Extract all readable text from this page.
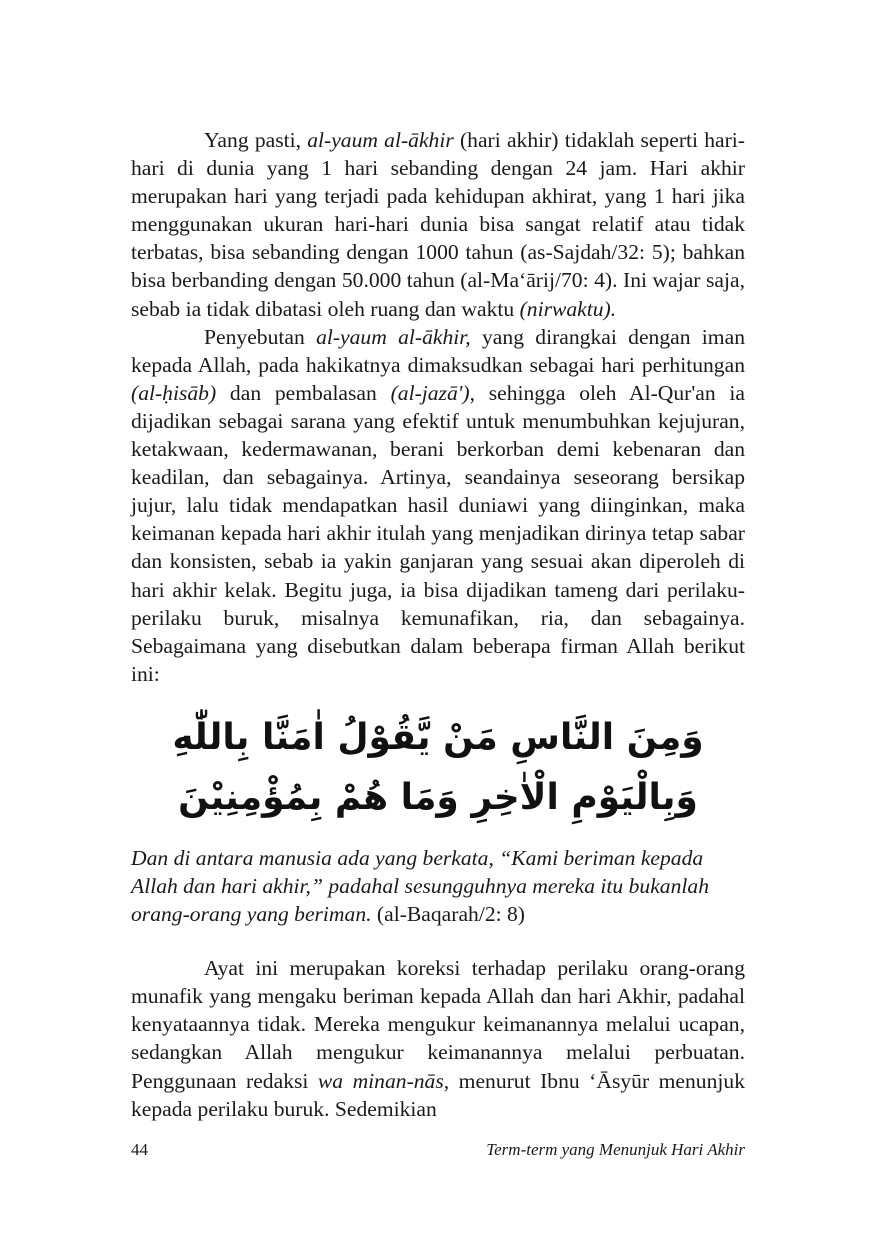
Yang pasti, al-yaum al-ākhir (hari akhir) tidaklah seperti hari-hari di dunia yang 1 hari sebanding dengan 24 jam. Hari akhir merupakan hari yang terjadi pada kehidupan akhirat, yang 1 hari jika menggunakan ukuran hari-hari dunia bisa sangat relatif atau tidak terbatas, bisa sebanding dengan 1000 tahun (as-Sajdah/32: 5); bahkan bisa berbanding dengan 50.000 tahun (al-Ma‘ārij/70: 4). Ini wajar saja, sebab ia tidak dibatasi oleh ruang dan waktu (nirwaktu).

Penyebutan al-yaum al-ākhir, yang dirangkai dengan iman kepada Allah, pada hakikatnya dimaksudkan sebagai hari perhitungan (al-ḥisāb) dan pembalasan (al-jazā'), sehingga oleh Al-Qur'an ia dijadikan sebagai sarana yang efektif untuk menumbuhkan kejujuran, ketakwaan, kedermawanan, berani berkorban demi kebenaran dan keadilan, dan sebagainya. Artinya, seandainya seseorang bersikap jujur, lalu tidak mendapatkan hasil duniawi yang diinginkan, maka keimanan kepada hari akhir itulah yang menjadikan dirinya tetap sabar dan konsisten, sebab ia yakin ganjaran yang sesuai akan diperoleh di hari akhir kelak. Begitu juga, ia bisa dijadikan tameng dari perilaku-perilaku buruk, misalnya kemunafikan, ria, dan sebagainya. Sebagaimana yang disebutkan dalam beberapa firman Allah berikut ini:

وَمِنَ النَّاسِ مَنْ يَّقُوْلُ اٰمَنَّا بِاللّٰهِ وَبِالْيَوْمِ الْاٰخِرِ وَمَا هُمْ بِمُؤْمِنِيْنَ

Dan di antara manusia ada yang berkata, “Kami beriman kepada Allah dan hari akhir,” padahal sesungguhnya mereka itu bukanlah orang-orang yang beriman. (al-Baqarah/2: 8)

Ayat ini merupakan koreksi terhadap perilaku orang-orang munafik yang mengaku beriman kepada Allah dan hari Akhir, padahal kenyataannya tidak. Mereka mengukur keimanannya melalui ucapan, sedangkan Allah mengukur keimanannya melalui perbuatan. Penggunaan redaksi wa minan-nās, menurut Ibnu ‘Āsyūr menunjuk kepada perilaku buruk. Sedemikian

44	Term-term yang Menunjuk Hari Akhir
